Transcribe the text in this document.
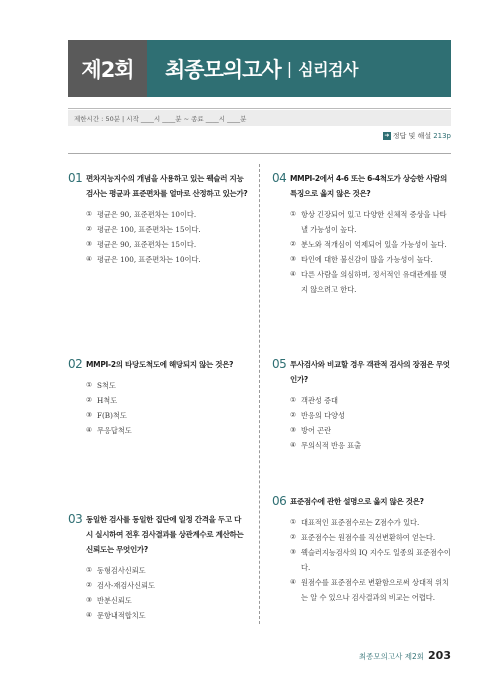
제2회 최종모의고사 | 심리검사
제한시간 : 50분 | 시작 ____시 ____분 ~ 종료 ____시 ____분
➜ 정답 및 해설 213p
01 편차지능지수의 개념을 사용하고 있는 웩슬러 지능검사는 평균과 표준편차를 얼마로 산정하고 있는가?
① 평균은 90, 표준편차는 10이다.
② 평균은 100, 표준편차는 15이다.
③ 평균은 90, 표준편차는 15이다.
④ 평균은 100, 표준편차는 10이다.
02 MMPI-2의 타당도척도에 해당되지 않는 것은?
① S척도
② H척도
③ F(B)척도
④ 무응답척도
03 동일한 검사를 동일한 집단에 일정 간격을 두고 다시 실시하여 전후 검사결과를 상관계수로 계산하는 신뢰도는 무엇인가?
① 동형검사신뢰도
② 검사-재검사신뢰도
③ 반분신뢰도
④ 문항내적합치도
04 MMPI-2에서 4-6 또는 6-4척도가 상승한 사람의 특징으로 옳지 않은 것은?
① 항상 긴장되어 있고 다양한 신체적 증상을 나타낼 가능성이 높다.
② 분노와 적개심이 억제되어 있을 가능성이 높다.
③ 타인에 대한 불신감이 많을 가능성이 높다.
④ 다른 사람을 의심하며, 정서적인 유대관계를 맺지 않으려고 한다.
05 투사검사와 비교할 경우 객관적 검사의 장점은 무엇인가?
① 객관성 증대
② 반응의 다양성
③ 방어 곤란
④ 무의식적 반응 표출
06 표준점수에 관한 설명으로 옳지 않은 것은?
① 대표적인 표준점수로는 Z점수가 있다.
② 표준점수는 원점수를 직선변환하여 얻는다.
③ 웩슬러지능검사의 IQ 지수도 일종의 표준점수이다.
④ 원점수를 표준점수로 변환함으로써 상대적 위치는 알 수 있으나 검사결과의 비교는 어렵다.
최종모의고사 제2회 203
